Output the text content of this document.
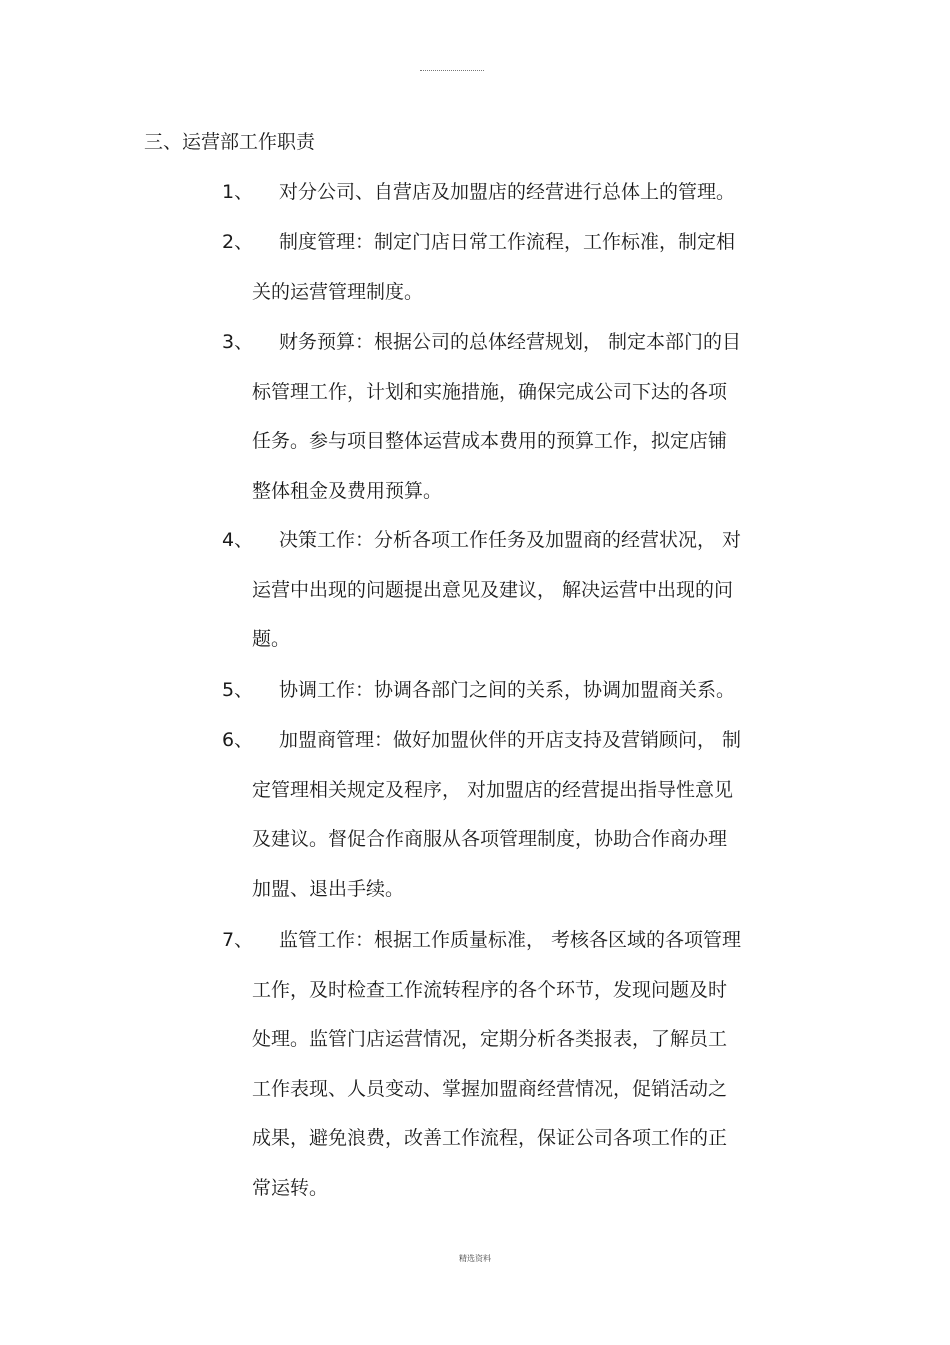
三、运营部工作职责
1、 对分公司、自营店及加盟店的经营进行总体上的管理。
2、 制度管理：制定门店日常工作流程，工作标准，制定相
关的运营管理制度。
3、 财务预算：根据公司的总体经营规划， 制定本部门的目
标管理工作，计划和实施措施，确保完成公司下达的各项
任务。参与项目整体运营成本费用的预算工作，拟定店铺
整体租金及费用预算。
4、 决策工作：分析各项工作任务及加盟商的经营状况， 对
运营中出现的问题提出意见及建议， 解决运营中出现的问
题。
5、 协调工作：协调各部门之间的关系，协调加盟商关系。
6、 加盟商管理：做好加盟伙伴的开店支持及营销顾问， 制
定管理相关规定及程序， 对加盟店的经营提出指导性意见
及建议。督促合作商服从各项管理制度，协助合作商办理
加盟、退出手续。
7、 监管工作：根据工作质量标准， 考核各区域的各项管理
工作，及时检查工作流转程序的各个环节，发现问题及时
处理。监管门店运营情况，定期分析各类报表，了解员工
工作表现、人员变动、掌握加盟商经营情况，促销活动之
成果，避免浪费，改善工作流程，保证公司各项工作的正
常运转。
精选资料
